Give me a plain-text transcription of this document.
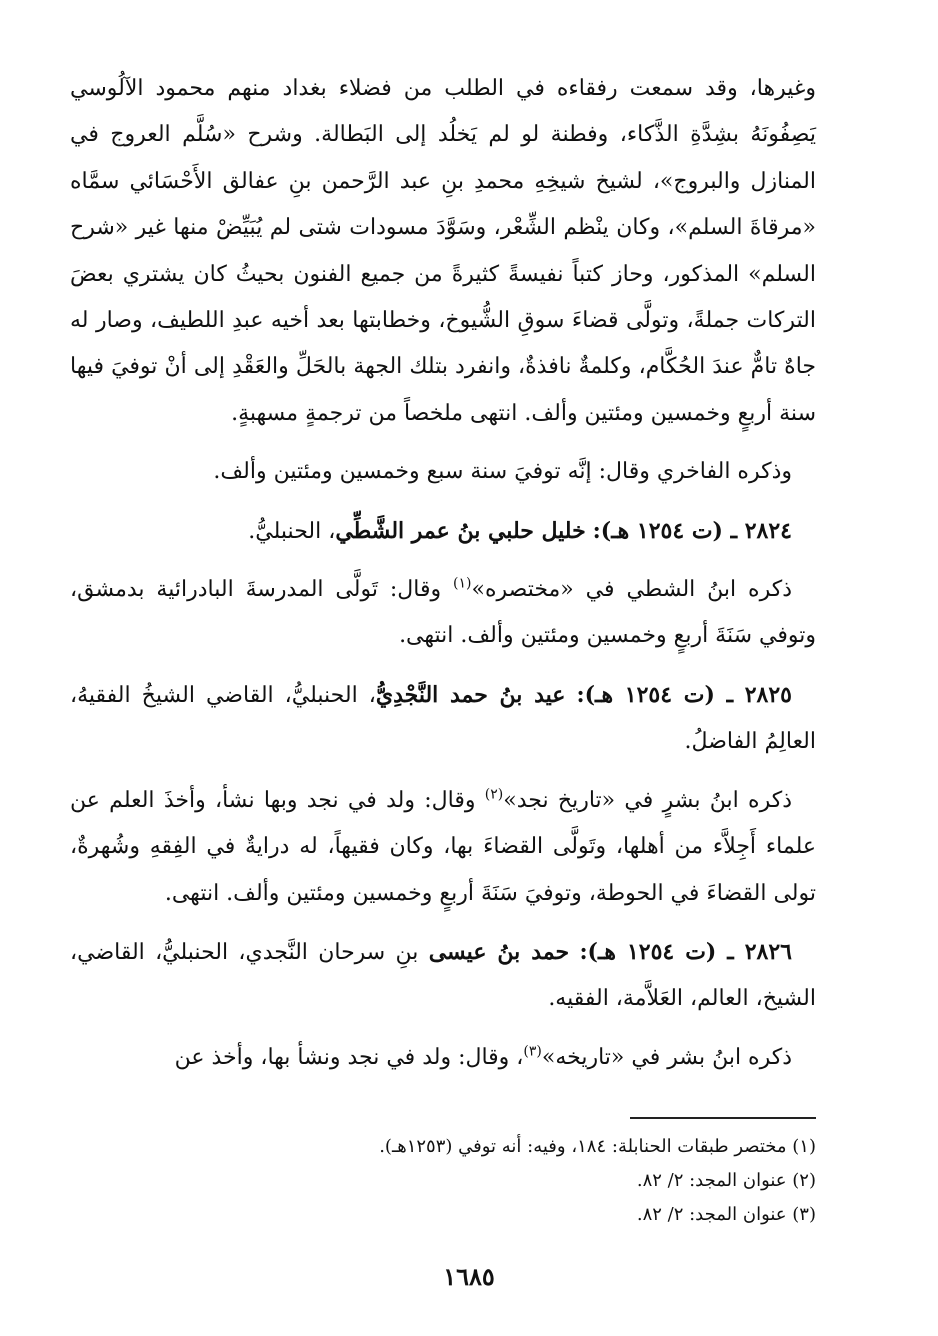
وغيرها، وقد سمعت رفقاءه في الطلب من فضلاء بغداد منهم محمود الآلُوسي يَصِفُونَهُ بشِدَّةِ الذَّكاء، وفطنة لو لم يَخلُد إلى البَطالة. وشرح «سُلَّم العروج في المنازل والبروج»، لشيخ شيخِهِ محمدِ بنِ عبد الرَّحمن بنِ عفالق الأَحْسَائي سمَّاه «مرقاةَ السلم»، وكان ينْظم الشِّعْر، وسَوَّدَ مسودات شتى لم يُبَيِّضْ منها غير «شرح السلم» المذكور، وحاز كتباً نفيسةً كثيرةً من جميع الفنون بحيثُ كان يشتري بعضَ التركات جملةً، وتولَّى قضاءَ سوقِ الشُّيوخ، وخطابتها بعد أخيه عبدِ اللطيف، وصار له جاهٌ تامٌّ عندَ الحُكَّام، وكلمةٌ نافذةٌ، وانفرد بتلك الجهة بالحَلِّ والعَقْدِ إلى أنْ توفيَ فيها سنة أربعٍ وخمسين ومئتين وألف. انتهى ملخصاً من ترجمةٍ مسهبةٍ.

وذكره الفاخري وقال: إنَّه توفيَ سنة سبع وخمسين ومئتين وألف.

٢٨٢٤ ـ (ت ١٢٥٤ هـ): خليل حلبي بنُ عمر الشَّطِّي، الحنبليُّ.

ذكره ابنُ الشطي في «مختصره»$^{(١)}$ وقال: تَولَّى المدرسةَ البادرائية بدمشق، وتوفي سَنَةَ أربعٍ وخمسين ومئتين وألف. انتهى.

٢٨٢٥ ـ (ت ١٢٥٤ هـ): عيد بنُ حمد النَّجْدِيُّ، الحنبليُّ، القاضي الشيخُ الفقيهُ، العالِمُ الفاضلُ.

ذكره ابنُ بشرٍ في «تاريخ نجد»$^{(٢)}$ وقال: ولد في نجد وبها نشأ، وأخذَ العلم عن علماء أَجِلاَّء من أهلها، وتَولَّى القضاءَ بها، وكان فقيهاً، له درايةٌ في الفِقهِ وشُهرةٌ، تولى القضاءَ في الحوطة، وتوفيَ سَنَةَ أربعٍ وخمسين ومئتين وألف. انتهى.

٢٨٢٦ ـ (ت ١٢٥٤ هـ): حمد بنُ عيسى بنِ سرحان النَّجدي، الحنبليُّ، القاضي، الشيخ، العالم، العَلاَّمة، الفقيه.

ذكره ابنُ بشر في «تاريخه»$^{(٣)}$، وقال: ولد في نجد ونشأ بها، وأخذ عن

(١) مختصر طبقات الحنابلة: ١٨٤، وفيه: أنه توفي (١٢٥٣هـ).
(٢) عنوان المجد: ٢/ ٨٢.
(٣) عنوان المجد: ٢/ ٨٢.
١٦٨٥
